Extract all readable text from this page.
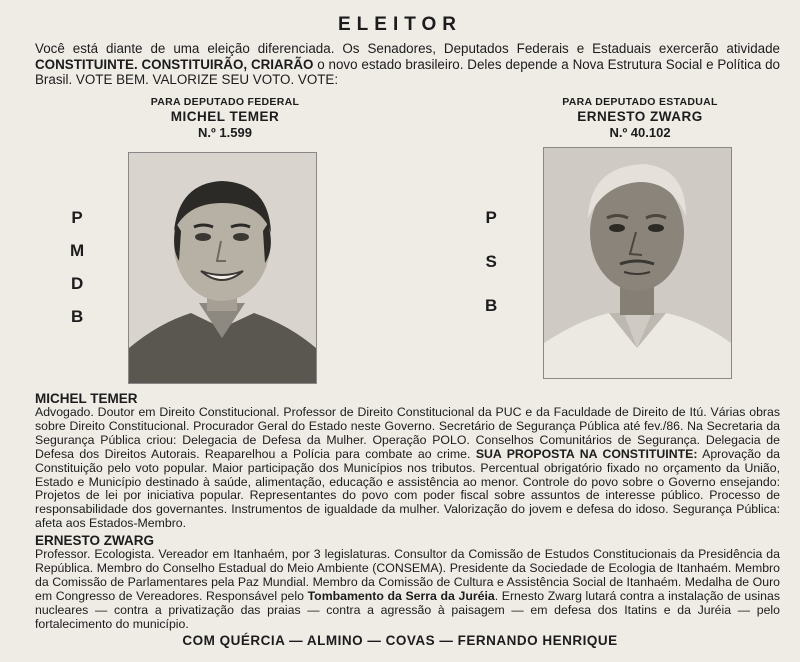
ELEITOR
Você está diante de uma eleição diferenciada. Os Senadores, Deputados Federais e Estaduais exercerão atividade CONSTITUINTE. CONSTITUIRÃO, CRIARÃO o novo estado brasileiro. Deles depende a Nova Estrutura Social e Política do Brasil. VOTE BEM. VALORIZE SEU VOTO. VOTE:
PARA DEPUTADO FEDERAL
MICHEL TEMER
N.º 1.599
PARA DEPUTADO ESTADUAL
ERNESTO ZWARG
N.º 40.102
P
M
D
B
P
S
B
MICHEL TEMER
Advogado. Doutor em Direito Constitucional. Professor de Direito Constitucional da PUC e da Faculdade de Direito de Itú. Várias obras sobre Direito Constitucional. Procurador Geral do Estado neste Governo. Secretário de Segurança Pública até fev./86. Na Secretaria da Segurança Pública criou: Delegacia de Defesa da Mulher. Operação POLO. Conselhos Comunitários de Segurança. Delegacia de Defesa dos Direitos Autorais. Reaparelhou a Polícia para combate ao crime. SUA PROPOSTA NA CONSTITUINTE: Aprovação da Constituição pelo voto popular. Maior participação dos Municípios nos tributos. Percentual obrigatório fixado no orçamento da União, Estado e Município destinado à saúde, alimentação, educação e assistência ao menor. Controle do povo sobre o Governo ensejando: Projetos de lei por iniciativa popular. Representantes do povo com poder fiscal sobre assuntos de interesse público. Processo de responsabilidade dos governantes. Instrumentos de igualdade da mulher. Valorização do jovem e defesa do idoso. Segurança Pública: afeta aos Estados-Membro.
ERNESTO ZWARG
Professor. Ecologista. Vereador em Itanhaém, por 3 legislaturas. Consultor da Comissão de Estudos Constitucionais da Presidência da República. Membro do Conselho Estadual do Meio Ambiente (CONSEMA). Presidente da Sociedade de Ecologia de Itanhaém. Membro da Comissão de Parlamentares pela Paz Mundial. Membro da Comissão de Cultura e Assistência Social de Itanhaém. Medalha de Ouro em Congresso de Vereadores. Responsável pelo Tombamento da Serra da Juréia. Ernesto Zwarg lutará contra a instalação de usinas nucleares — contra a privatização das praias — contra a agressão à paisagem — em defesa dos Itatins e da Juréia — pelo fortalecimento do município.
COM QUÉRCIA — ALMINO — COVAS — FERNANDO HENRIQUE
